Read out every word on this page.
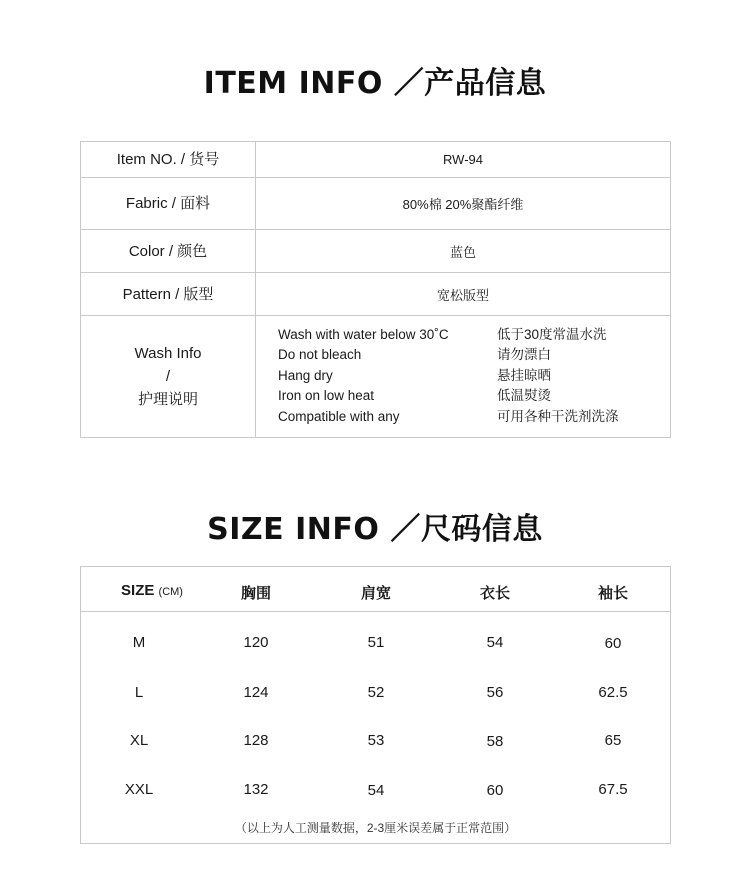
ITEM INFO ／产品信息
Item NO. / 货号	RW-94
Fabric / 面料	80%棉 20%聚酯纤维
Color / 颜色	蓝色
Pattern / 版型	宽松版型
Wash Info
/
护理说明
Wash with water below 30˚C	低于30度常温水洗
Do not bleach	请勿漂白
Hang dry	悬挂晾晒
Iron on low heat	低温熨烫
Compatible with any	可用各种干洗剂洗涤
SIZE INFO ／尺码信息
SIZE (CM)	胸围	肩宽	衣长	袖长
M	120	51	54	60
L	124	52	56	62.5
XL	128	53	58	65
XXL	132	54	60	67.5
（以上为人工测量数据，2-3厘米误差属于正常范围）
